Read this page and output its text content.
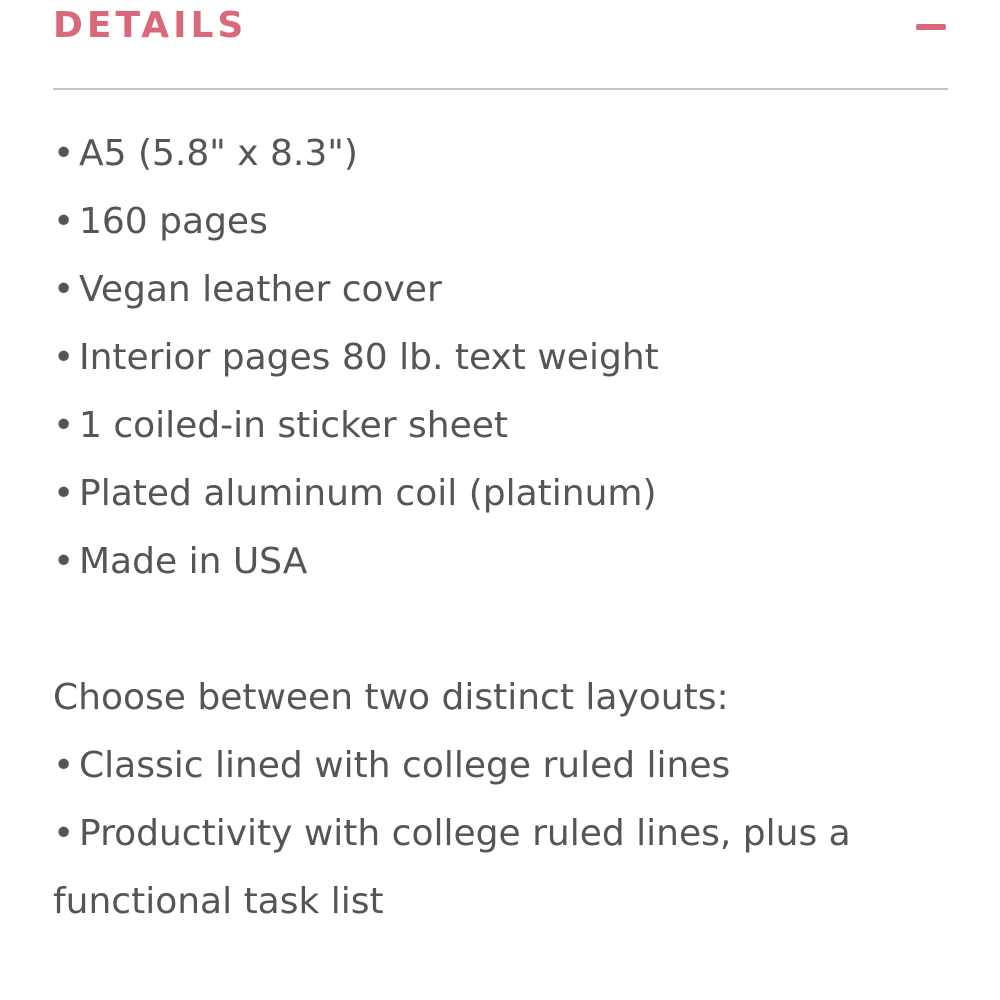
DETAILS
• A5 (5.8" x 8.3")
• 160 pages
• Vegan leather cover
• Interior pages 80 lb. text weight
• 1 coiled-in sticker sheet
• Plated aluminum coil (platinum)
• Made in USA

Choose between two distinct layouts:

• Classic lined with college ruled lines
• Productivity with college ruled lines, plus a functional task list
